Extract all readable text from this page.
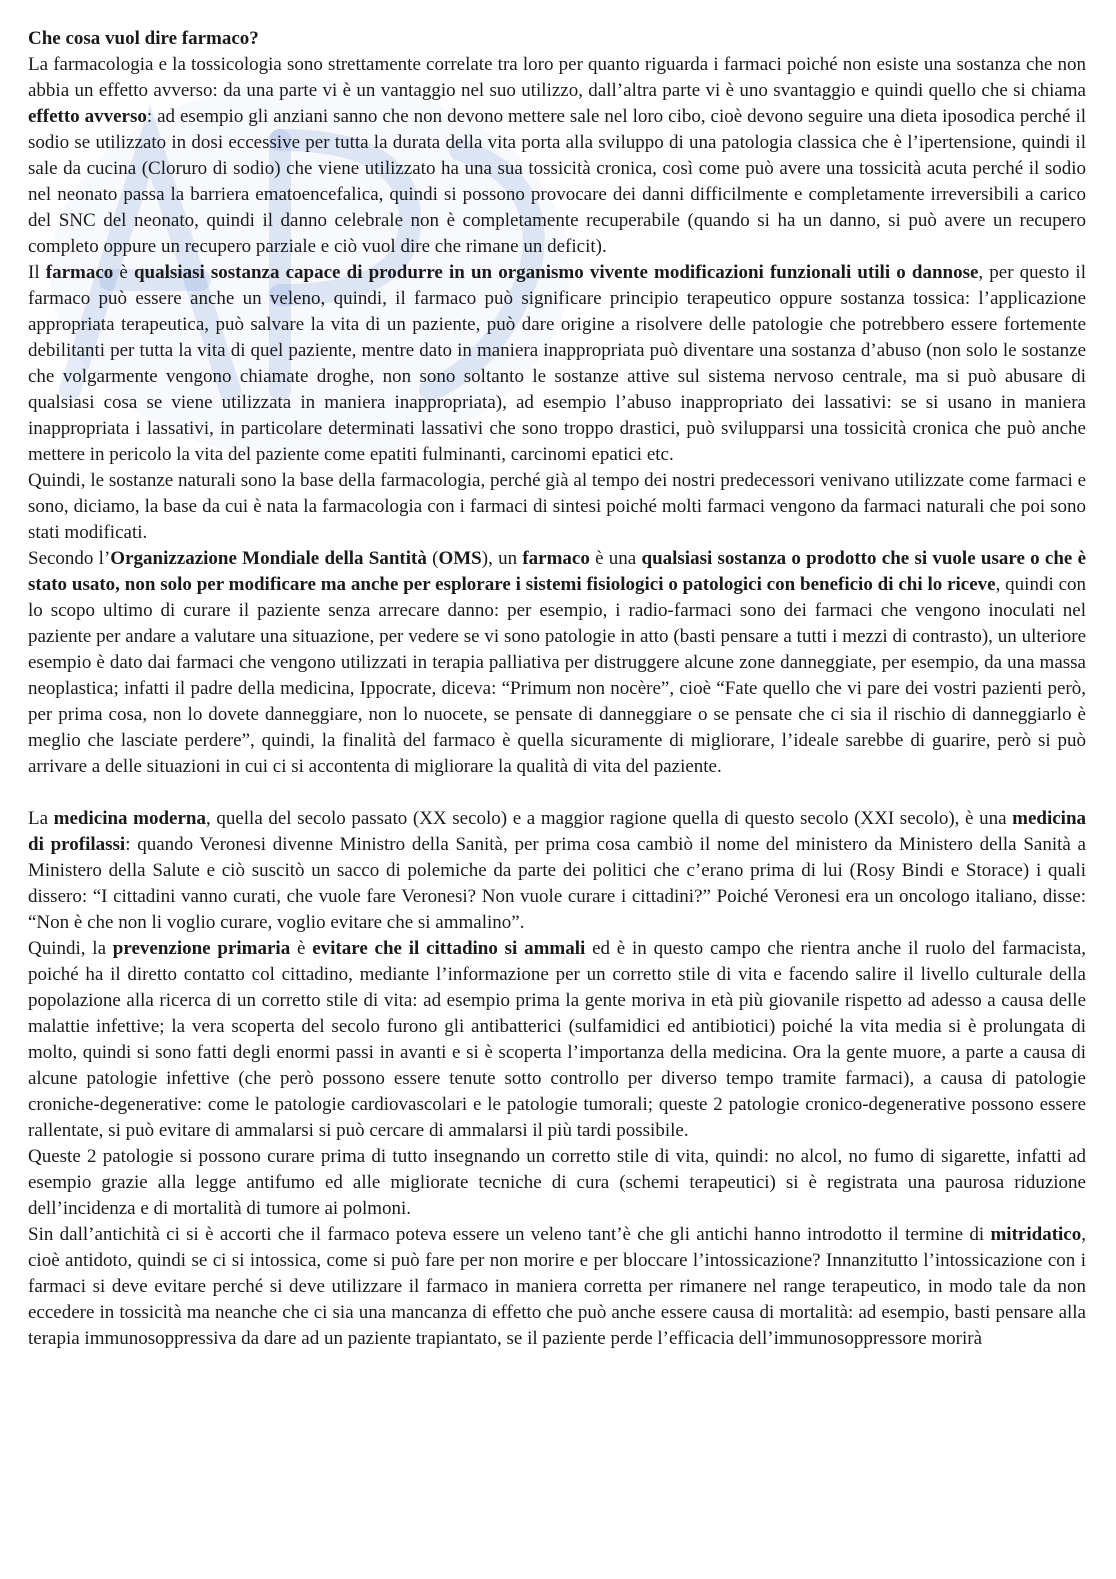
Che cosa vuol dire farmaco?

La farmacologia e la tossicologia sono strettamente correlate tra loro per quanto riguarda i farmaci poiché non esiste una sostanza che non abbia un effetto avverso: da una parte vi è un vantaggio nel suo utilizzo, dall’altra parte vi è uno svantaggio e quindi quello che si chiama effetto avverso: ad esempio gli anziani sanno che non devono mettere sale nel loro cibo, cioè devono seguire una dieta iposodica perché il sodio se utilizzato in dosi eccessive per tutta la durata della vita porta alla sviluppo di una patologia classica che è l’ipertensione, quindi il sale da cucina (Cloruro di sodio) che viene utilizzato ha una sua tossicità cronica, così come può avere una tossicità acuta perché il sodio nel neonato passa la barriera ematoencefalica, quindi si possono provocare dei danni difficilmente e completamente irreversibili a carico del SNC del neonato, quindi il danno celebrale non è completamente recuperabile (quando si ha un danno, si può avere un recupero completo oppure un recupero parziale e ciò vuol dire che rimane un deficit).

Il farmaco è qualsiasi sostanza capace di produrre in un organismo vivente modificazioni funzionali utili o dannose, per questo il farmaco può essere anche un veleno, quindi, il farmaco può significare principio terapeutico oppure sostanza tossica: l’applicazione appropriata terapeutica, può salvare la vita di un paziente, può dare origine a risolvere delle patologie che potrebbero essere fortemente debilitanti per tutta la vita di quel paziente, mentre dato in maniera inappropriata può diventare una sostanza d’abuso (non solo le sostanze che volgarmente vengono chiamate droghe, non sono soltanto le sostanze attive sul sistema nervoso centrale, ma si può abusare di qualsiasi cosa se viene utilizzata in maniera inappropriata), ad esempio l’abuso inappropriato dei lassativi: se si usano in maniera inappropriata i lassativi, in particolare determinati lassativi che sono troppo drastici, può svilupparsi una tossicità cronica che può anche mettere in pericolo la vita del paziente come epatiti fulminanti, carcinomi epatici etc.

Quindi, le sostanze naturali sono la base della farmacologia, perché già al tempo dei nostri predecessori venivano utilizzate come farmaci e sono, diciamo, la base da cui è nata la farmacologia con i farmaci di sintesi poiché molti farmaci vengono da farmaci naturali che poi sono stati modificati.

Secondo l’Organizzazione Mondiale della Santità (OMS), un farmaco è una qualsiasi sostanza o prodotto che si vuole usare o che è stato usato, non solo per modificare ma anche per esplorare i sistemi fisiologici o patologici con beneficio di chi lo riceve, quindi con lo scopo ultimo di curare il paziente senza arrecare danno: per esempio, i radio-farmaci sono dei farmaci che vengono inoculati nel paziente per andare a valutare una situazione, per vedere se vi sono patologie in atto (basti pensare a tutti i mezzi di contrasto), un ulteriore esempio è dato dai farmaci che vengono utilizzati in terapia palliativa per distruggere alcune zone danneggiate, per esempio, da una massa neoplastica; infatti il padre della medicina, Ippocrate, diceva: “Primum non nocère”, cioè “Fate quello che vi pare dei vostri pazienti però, per prima cosa, non lo dovete danneggiare, non lo nuocete, se pensate di danneggiare o se pensate che ci sia il rischio di danneggiarlo è meglio che lasciate perdere”, quindi, la finalità del farmaco è quella sicuramente di migliorare, l’ideale sarebbe di guarire, però si può arrivare a delle situazioni in cui ci si accontenta di migliorare la qualità di vita del paziente.

La medicina moderna, quella del secolo passato (XX secolo) e a maggior ragione quella di questo secolo (XXI secolo), è una medicina di profilassi: quando Veronesi divenne Ministro della Sanità, per prima cosa cambiò il nome del ministero da Ministero della Sanità a Ministero della Salute e ciò suscitò un sacco di polemiche da parte dei politici che c’erano prima di lui (Rosy Bindi e Storace) i quali dissero: “I cittadini vanno curati, che vuole fare Veronesi? Non vuole curare i cittadini?” Poiché Veronesi era un oncologo italiano, disse: “Non è che non li voglio curare, voglio evitare che si ammalino”.

Quindi, la prevenzione primaria è evitare che il cittadino si ammali ed è in questo campo che rientra anche il ruolo del farmacista, poiché ha il diretto contatto col cittadino, mediante l’informazione per un corretto stile di vita e facendo salire il livello culturale della popolazione alla ricerca di un corretto stile di vita: ad esempio prima la gente moriva in età più giovanile rispetto ad adesso a causa delle malattie infettive; la vera scoperta del secolo furono gli antibatterici (sulfamidici ed antibiotici) poiché la vita media si è prolungata di molto, quindi si sono fatti degli enormi passi in avanti e si è scoperta l’importanza della medicina. Ora la gente muore, a parte a causa di alcune patologie infettive (che però possono essere tenute sotto controllo per diverso tempo tramite farmaci), a causa di patologie croniche-degenerative: come le patologie cardiovascolari e le patologie tumorali; queste 2 patologie cronico-degenerative possono essere rallentate, si può evitare di ammalarsi si può cercare di ammalarsi il più tardi possibile.

Queste 2 patologie si possono curare prima di tutto insegnando un corretto stile di vita, quindi: no alcol, no fumo di sigarette, infatti ad esempio grazie alla legge antifumo ed alle migliorate tecniche di cura (schemi terapeutici) si è registrata una paurosa riduzione dell’incidenza e di mortalità di tumore ai polmoni.

Sin dall’antichità ci si è accorti che il farmaco poteva essere un veleno tant’è che gli antichi hanno introdotto il termine di mitridatico, cioè antidoto, quindi se ci si intossica, come si può fare per non morire e per bloccare l’intossicazione? Innanzitutto l’intossicazione con i farmaci si deve evitare perché si deve utilizzare il farmaco in maniera corretta per rimanere nel range terapeutico, in modo tale da non eccedere in tossicità ma neanche che ci sia una mancanza di effetto che può anche essere causa di mortalità: ad esempio, basti pensare alla terapia immunosoppressiva da dare ad un paziente trapiantato, se il paziente perde l’efficacia dell’immunosoppressore morirà
